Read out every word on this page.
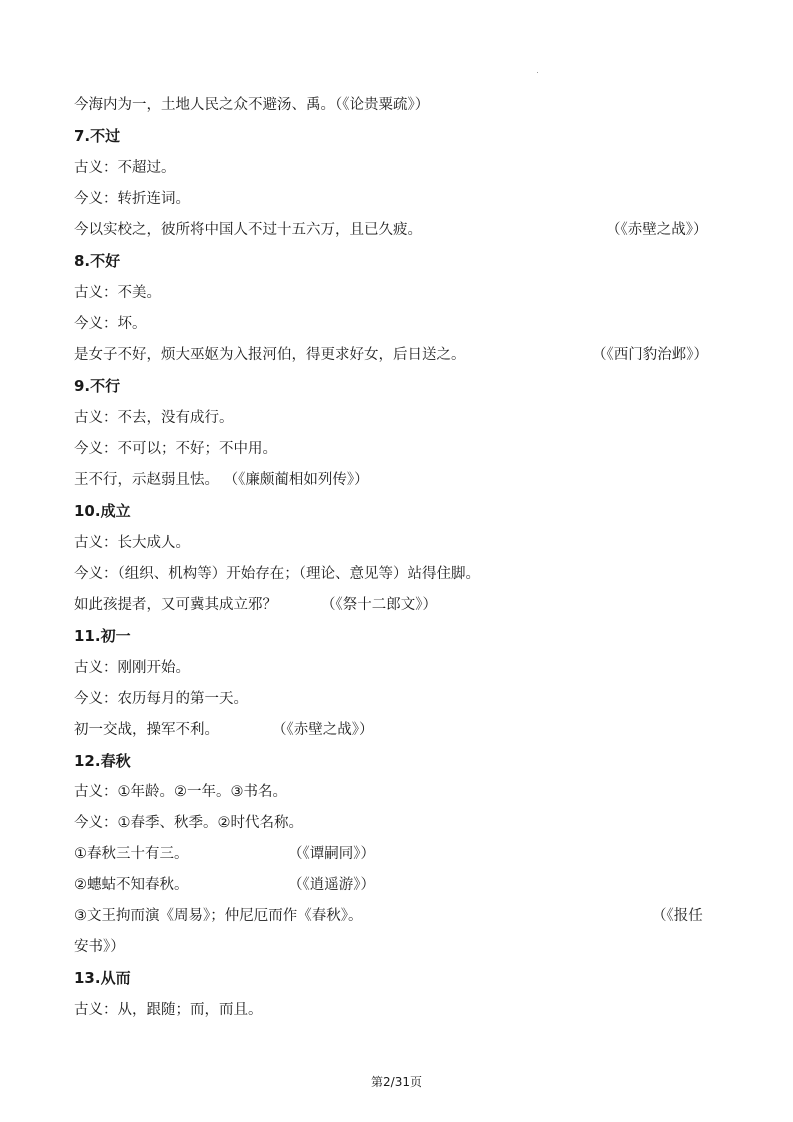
今海内为一，土地人民之众不避汤、禹。（《论贵粟疏》）
7.不过
古义：不超过。
今义：转折连词。
今以实校之，彼所将中国人不过十五六万，且已久疲。	（《赤壁之战》）
8.不好
古义：不美。
今义：坏。
是女子不好，烦大巫妪为入报河伯，得更求好女，后日送之。	（《西门豹治邺》）
9.不行
古义：不去，没有成行。
今义：不可以；不好；不中用。
王不行，示赵弱且怯。 （《廉颇蔺相如列传》）
10.成立
古义：长大成人。
今义：（组织、机构等）开始存在；（理论、意见等）站得住脚。
如此孩提者，又可冀其成立邪？	（《祭十二郎文》）
11.初一
古义：刚刚开始。
今义：农历每月的第一天。
初一交战，操军不利。	（《赤壁之战》）
12.春秋
古义：①年龄。②一年。③书名。
今义：①春季、秋季。②时代名称。
①春秋三十有三。	（《谭嗣同》）
②蟪蛄不知春秋。	（《逍遥游》）
③文王拘而演《周易》；仲尼厄而作《春秋》。	（《报任
安书》）
13.从而
古义：从，跟随；而，而且。
第2/31页
